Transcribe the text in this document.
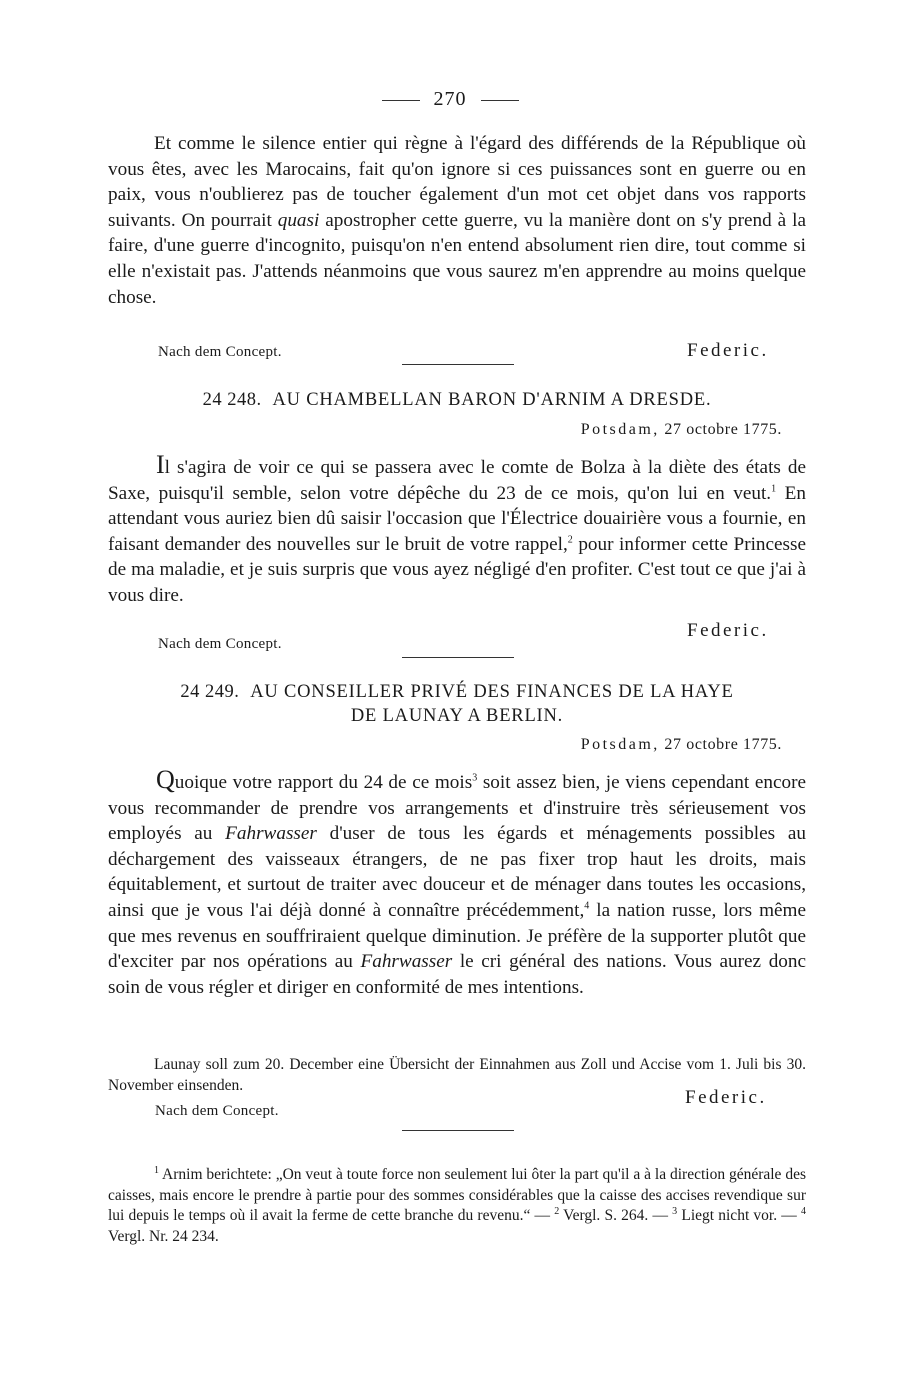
270

Et comme le silence entier qui règne à l'égard des différends de la République où vous êtes, avec les Marocains, fait qu'on ignore si ces puissances sont en guerre ou en paix, vous n'oublierez pas de toucher également d'un mot cet objet dans vos rapports suivants. On pourrait quasi apostropher cette guerre, vu la manière dont on s'y prend à la faire, d'une guerre d'incognito, puisqu'on n'en entend absolument rien dire, tout comme si elle n'existait pas. J'attends néanmoins que vous saurez m'en apprendre au moins quelque chose.

Nach dem Concept.	Federic.
24 248. AU CHAMBELLAN BARON D'ARNIM A DRESDE.
Potsdam, 27 octobre 1775.

Il s'agira de voir ce qui se passera avec le comte de Bolza à la diète des états de Saxe, puisqu'il semble, selon votre dépêche du 23 de ce mois, qu'on lui en veut.$^1$ En attendant vous auriez bien dû saisir l'occasion que l'Électrice douairière vous a fournie, en faisant demander des nouvelles sur le bruit de votre rappel,$^2$ pour informer cette Princesse de ma maladie, et je suis surpris que vous ayez négligé d'en profiter. C'est tout ce que j'ai à vous dire.

Nach dem Concept.
Federic.
24 249. AU CONSEILLER PRIVÉ DES FINANCES DE LA HAYE
DE LAUNAY A BERLIN.
Potsdam, 27 octobre 1775.

Quoique votre rapport du 24 de ce mois$^3$ soit assez bien, je viens cependant encore vous recommander de prendre vos arrangements et d'instruire très sérieusement vos employés au Fahrwasser d'user de tous les égards et ménagements possibles au déchargement des vaisseaux étrangers, de ne pas fixer trop haut les droits, mais équitablement, et surtout de traiter avec douceur et de ménager dans toutes les occasions, ainsi que je vous l'ai déjà donné à connaître précédemment,$^4$ la nation russe, lors même que mes revenus en souffriraient quelque diminution. Je préfère de la supporter plutôt que d'exciter par nos opérations au Fahrwasser le cri général des nations. Vous aurez donc soin de vous régler et diriger en conformité de mes intentions.

Launay soll zum 20. December eine Übersicht der Einnahmen aus Zoll und Accise vom 1. Juli bis 30. November einsenden.
Nach dem Concept.
Federic.
$^1$ Arnim berichtete: „On veut à toute force non seulement lui ôter la part qu'il a à la direction générale des caisses, mais encore le prendre à partie pour des sommes considérables que la caisse des accises revendique sur lui depuis le temps où il avait la ferme de cette branche du revenu.“ — $^2$ Vergl. S. 264. — $^3$ Liegt nicht vor. — $^4$ Vergl. Nr. 24 234.
